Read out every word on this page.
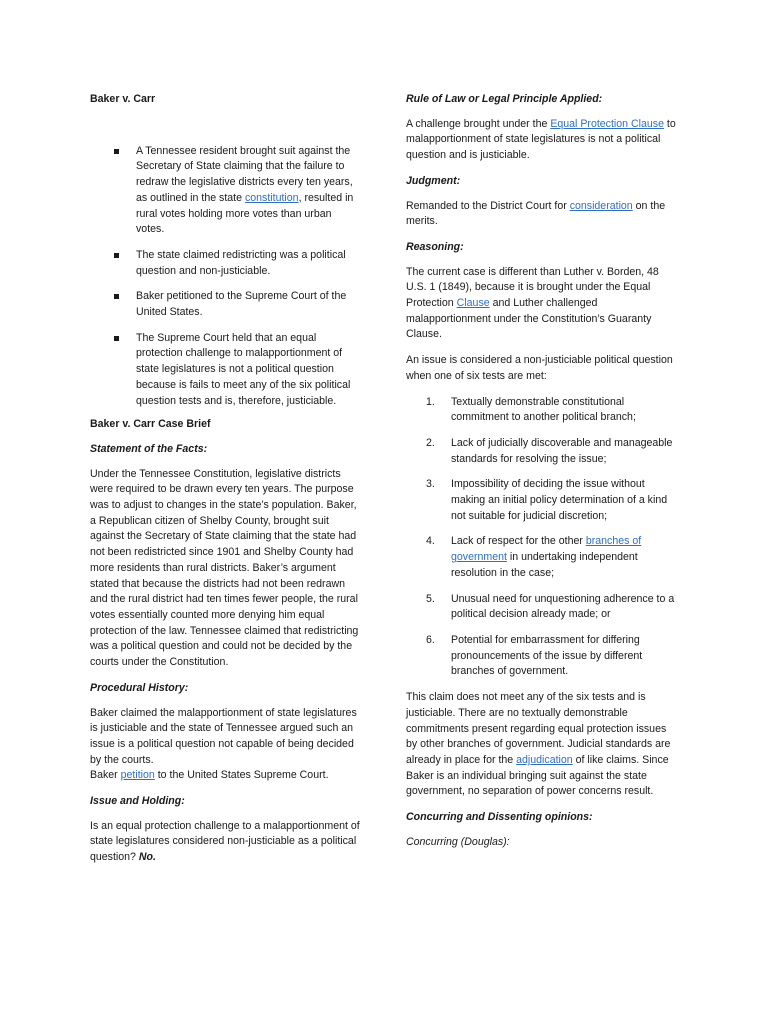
Baker v. Carr

A Tennessee resident brought suit against the Secretary of State claiming that the failure to redraw the legislative districts every ten years, as outlined in the state constitution, resulted in rural votes holding more votes than urban votes.
The state claimed redistricting was a political question and non-justiciable.
Baker petitioned to the Supreme Court of the United States.
The Supreme Court held that an equal protection challenge to malapportionment of state legislatures is not a political question because is fails to meet any of the six political question tests and is, therefore, justiciable.

Baker v. Carr Case Brief

Statement of the Facts:

Under the Tennessee Constitution, legislative districts were required to be drawn every ten years. The purpose was to adjust to changes in the state’s population. Baker, a Republican citizen of Shelby County, brought suit against the Secretary of State claiming that the state had not been redistricted since 1901 and Shelby County had more residents than rural districts. Baker’s argument stated that because the districts had not been redrawn and the rural district had ten times fewer people, the rural votes essentially counted more denying him equal protection of the law. Tennessee claimed that redistricting was a political question and could not be decided by the courts under the Constitution.

Procedural History:

Baker claimed the malapportionment of state legislatures is justiciable and the state of Tennessee argued such an issue is a political question not capable of being decided by the courts.
Baker petition to the United States Supreme Court.

Issue and Holding:

Is an equal protection challenge to a malapportionment of state legislatures considered non-justiciable as a political question? No.

Rule of Law or Legal Principle Applied:

A challenge brought under the Equal Protection Clause to malapportionment of state legislatures is not a political question and is justiciable.

Judgment:

Remanded to the District Court for consideration on the merits.

Reasoning:

The current case is different than Luther v. Borden, 48 U.S. 1 (1849), because it is brought under the Equal Protection Clause and Luther challenged malapportionment under the Constitution’s Guaranty Clause.

An issue is considered a non-justiciable political question when one of six tests are met:

1. Textually demonstrable constitutional commitment to another political branch;
2. Lack of judicially discoverable and manageable standards for resolving the issue;
3. Impossibility of deciding the issue without making an initial policy determination of a kind not suitable for judicial discretion;
4. Lack of respect for the other branches of government in undertaking independent resolution in the case;
5. Unusual need for unquestioning adherence to a political decision already made; or
6. Potential for embarrassment for differing pronouncements of the issue by different branches of government.

This claim does not meet any of the six tests and is justiciable. There are no textually demonstrable commitments present regarding equal protection issues by other branches of government. Judicial standards are already in place for the adjudication of like claims. Since Baker is an individual bringing suit against the state government, no separation of power concerns result.

Concurring and Dissenting opinions:

Concurring (Douglas):
